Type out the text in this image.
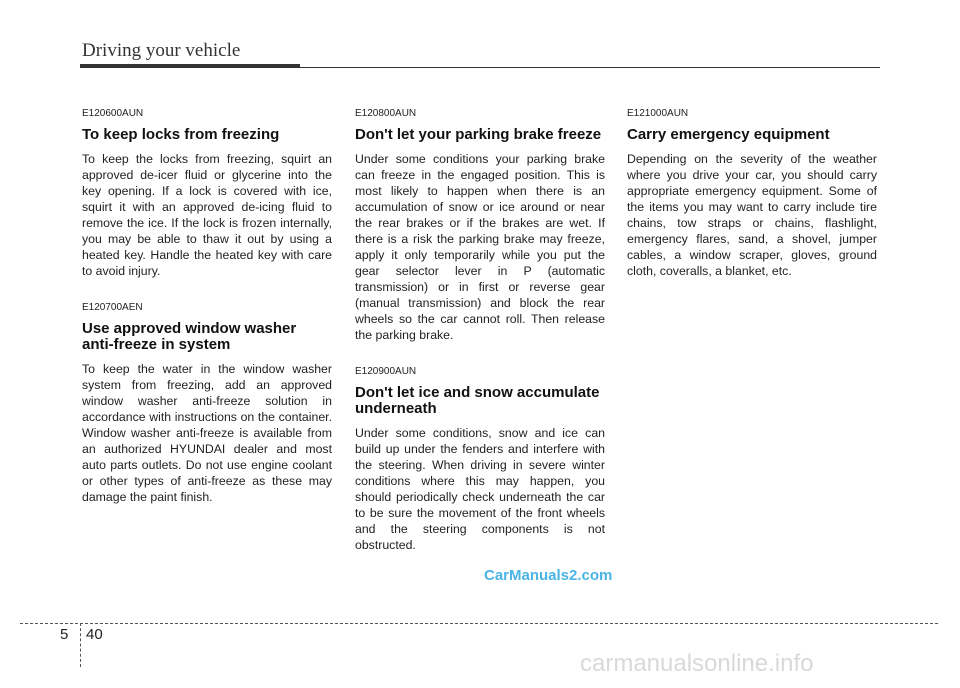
Driving your vehicle

E120600AUN

To keep locks from freezing

To keep the locks from freezing, squirt an approved de-icer fluid or glycerine into the key opening. If a lock is covered with ice, squirt it with an approved de-icing fluid to remove the ice. If the lock is frozen internally, you may be able to thaw it out by using a heated key. Handle the heated key with care to avoid injury.

E120700AEN

Use approved window washer anti-freeze in system

To keep the water in the window washer system from freezing, add an approved window washer anti-freeze solution in accordance with instructions on the container. Window washer anti-freeze is available from an authorized HYUNDAI dealer and most auto parts outlets. Do not use engine coolant or other types of anti-freeze as these may damage the paint finish.

E120800AUN

Don't let your parking brake freeze

Under some conditions your parking brake can freeze in the engaged position. This is most likely to happen when there is an accumulation of snow or ice around or near the rear brakes or if the brakes are wet. If there is a risk the parking brake may freeze, apply it only temporarily while you put the gear selector lever in P (automatic transmission) or in first or reverse gear (manual transmission) and block the rear wheels so the car cannot roll. Then release the parking brake.

E120900AUN

Don't let ice and snow accumulate underneath

Under some conditions, snow and ice can build up under the fenders and interfere with the steering. When driving in severe winter conditions where this may happen, you should periodically check underneath the car to be sure the movement of the front wheels and the steering components is not obstructed.

E121000AUN

Carry emergency equipment

Depending on the severity of the weather where you drive your car, you should carry appropriate emergency equipment. Some of the items you may want to carry include tire chains, tow straps or chains, flashlight, emergency flares, sand, a shovel, jumper cables, a window scraper, gloves, ground cloth, coveralls, a blanket, etc.

CarManuals2.com
5 40
carmanualsonline.info
